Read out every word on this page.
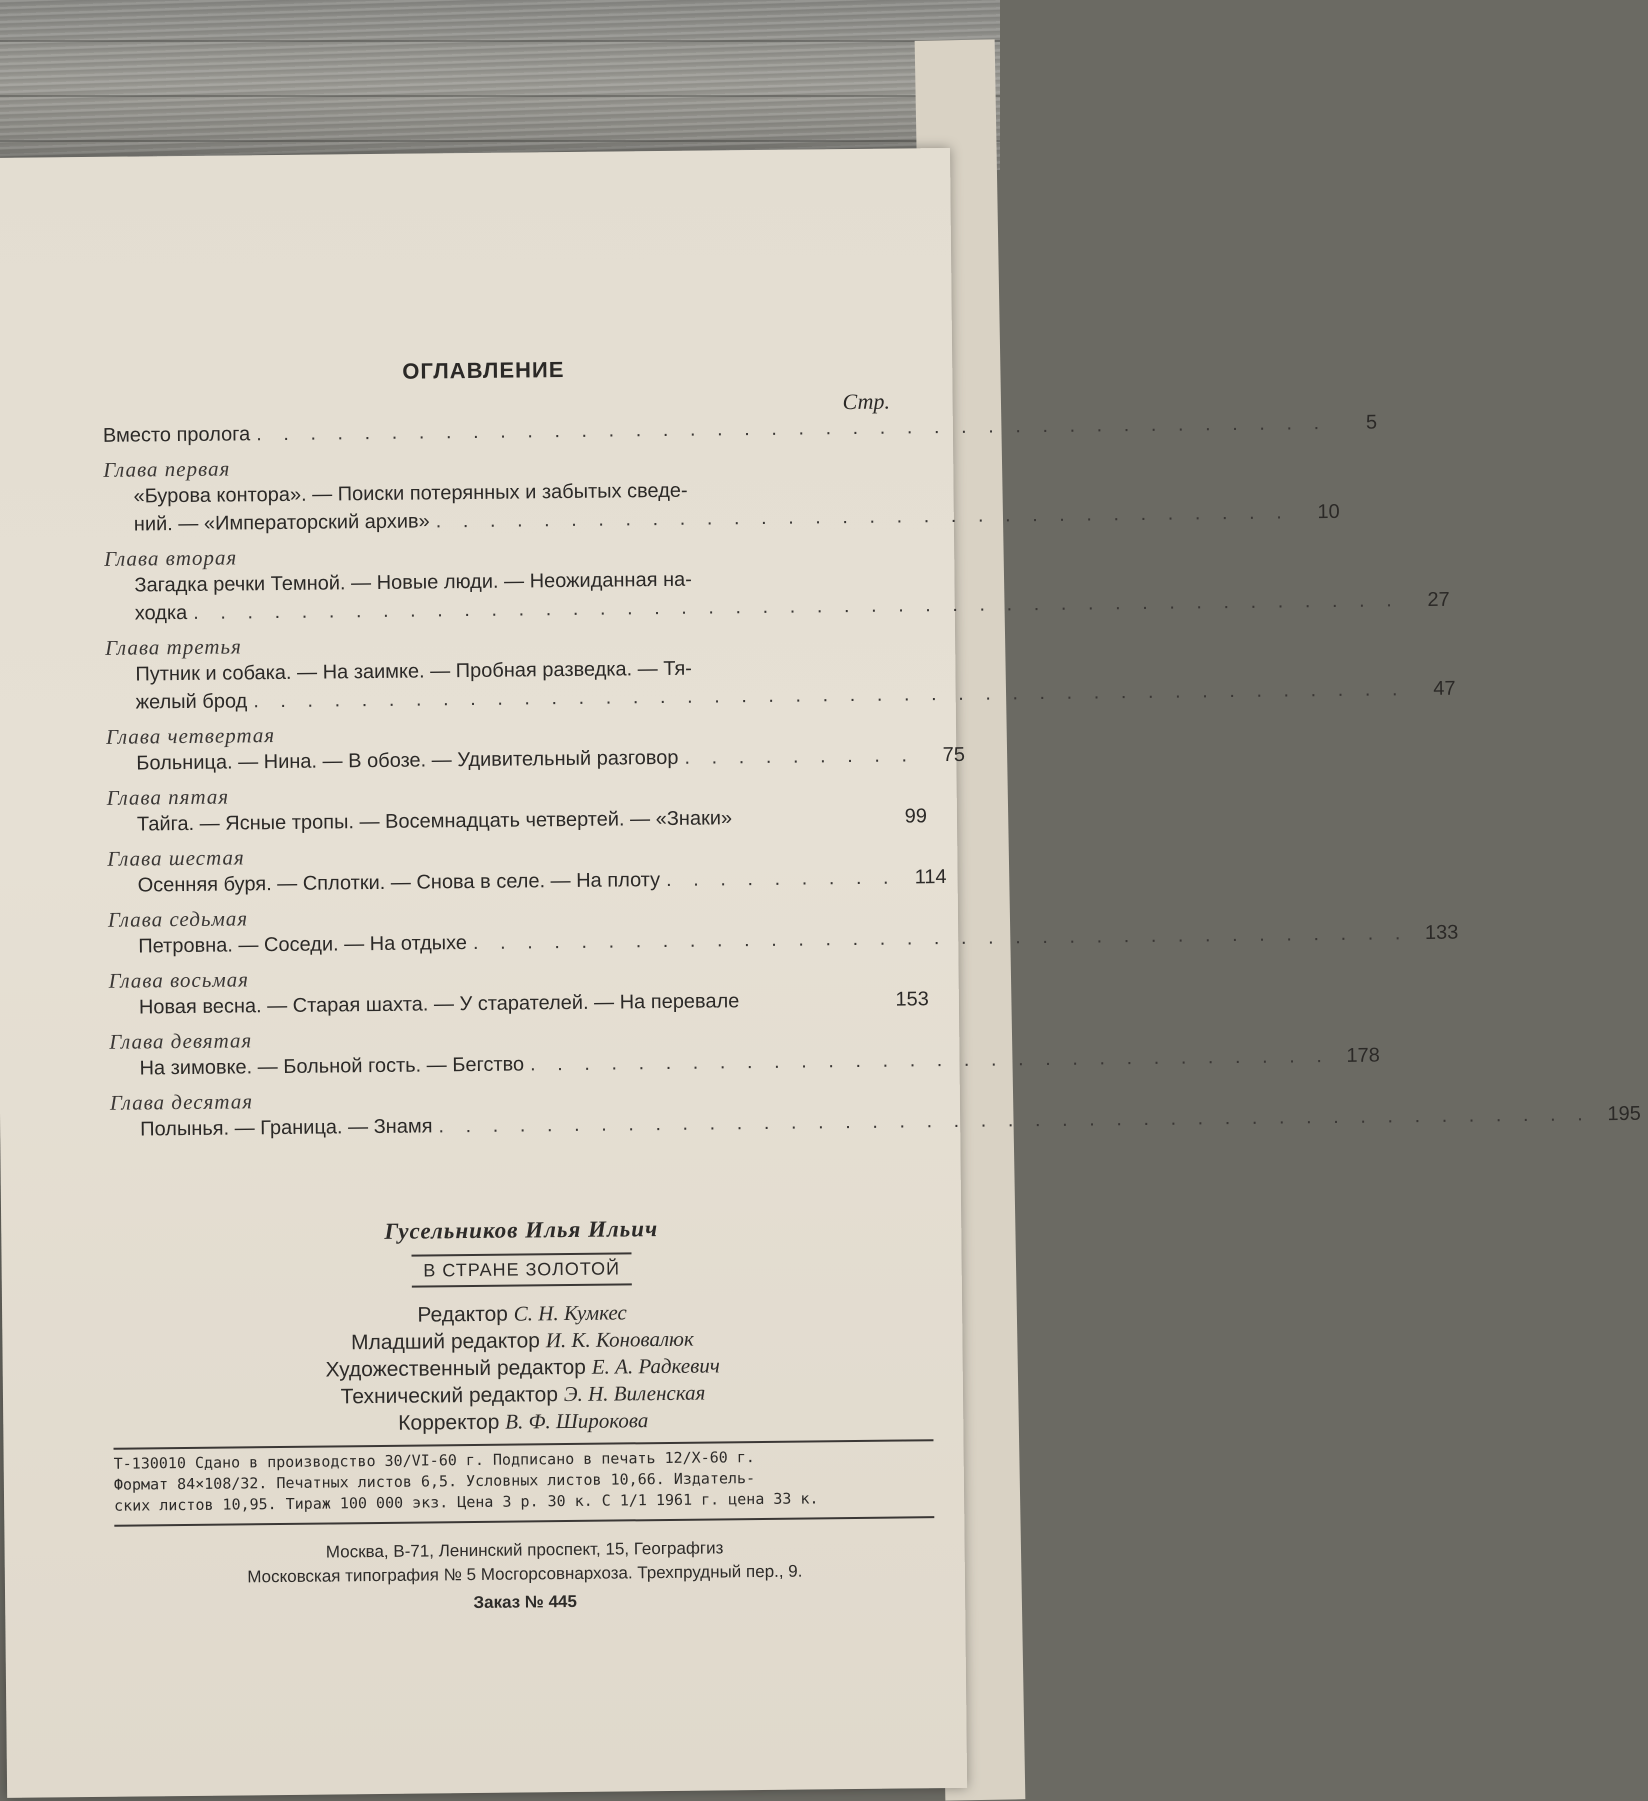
ОГЛАВЛЕНИЕ
Стр.
Вместо пролога . . . . . . . . . . . . . . . . . . . . . . . . . . . . . . . . . . . . . . . .	5
Глава первая
«Бурова контора». — Поиски потерянных и забытых сведе-
ний. — «Императорский архив» . . . . . . . . . . . . . . . . . . . . . . . . . . . . . . . .	10
Глава вторая
Загадка речки Темной. — Новые люди. — Неожиданная на-
ходка . . . . . . . . . . . . . . . . . . . . . . . . . . . . . . . . . . . . . . . . . . . . .	27
Глава третья
Путник и собака. — На заимке. — Пробная разведка. — Тя-
желый брод . . . . . . . . . . . . . . . . . . . . . . . . . . . . . . . . . . . . . . . . . . .	47
Глава четвертая
Больница. — Нина. — В обозе. — Удивительный разговор . . . . . . . . .	75
Глава пятая
Тайга. — Ясные тропы. — Восемнадцать четвертей. — «Знаки»	99
Глава шестая
Осенняя буря. — Сплотки. — Снова в селе. — На плоту . . . . . . . . . 114
Глава седьмая
Петровна. — Соседи. — На отдыхе . . . . . . . . . . . . . . . . . . . . . . . . . . . . . . . . . . . 133
Глава восьмая
Новая весна. — Старая шахта. — У старателей. — На перевале	153
Глава девятая
На зимовке. — Больной гость. — Бегство . . . . . . . . . . . . . . . . . . . . . . . . . . . . . . 178
Глава десятая
Полынья. — Граница. — Знамя . . . . . . . . . . . . . . . . . . . . . . . . . . . . . . . . . . . . . . . . . . . 195
Гусельников Илья Ильич
В СТРАНЕ ЗОЛОТОЙ
Редактор С. Н. Кумкес
Младший редактор И. К. Коновалюк
Художественный редактор Е. А. Радкевич
Технический редактор Э. Н. Виленская
Корректор В. Ф. Широкова
Т-130010 Сдано в производство 30/VI-60 г. Подписано в печать 12/X-60 г.
Формат 84×108/32. Печатных листов 6,5. Условных листов 10,66. Издатель-
ских листов 10,95. Тираж 100 000 экз. Цена 3 р. 30 к. С 1/1 1961 г. цена 33 к.
Москва, В-71, Ленинский проспект, 15, Географгиз
Московская типография № 5 Мосгорсовнархоза. Трехпрудный пер., 9.
Заказ № 445
